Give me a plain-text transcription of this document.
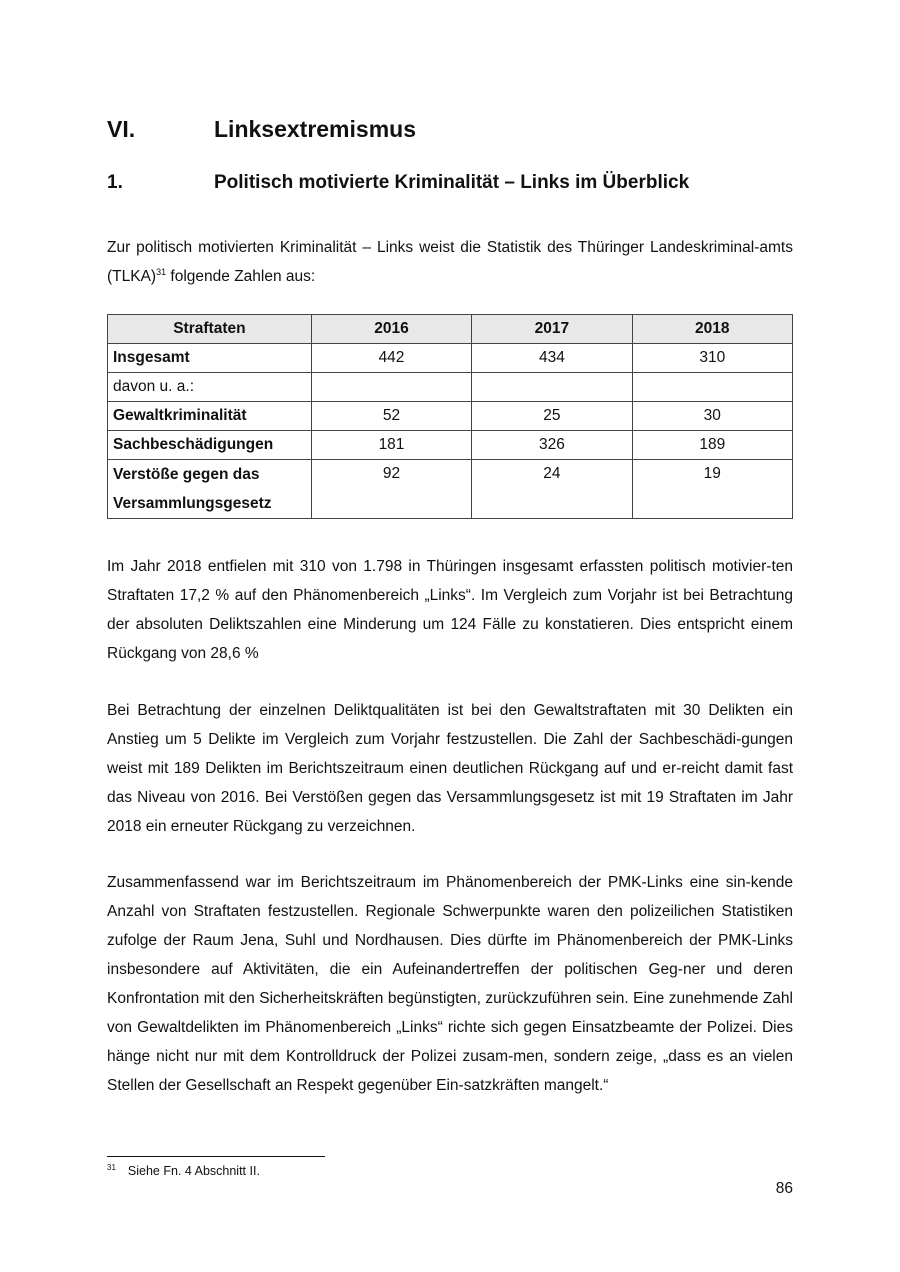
VI.	Linksextremismus
1.	Politisch motivierte Kriminalität – Links im Überblick

Zur politisch motivierten Kriminalität – Links weist die Statistik des Thüringer Landeskriminal-amts (TLKA)$^{31}$ folgende Zahlen aus:

Straftaten	2016	2017	2018
Insgesamt	442	434	310
davon u. a.:			
Gewaltkriminalität	52	25	30
Sachbeschädigungen	181	326	189
Verstöße gegen das Versammlungsgesetz	92	24	19

Im Jahr 2018 entfielen mit 310 von 1.798 in Thüringen insgesamt erfassten politisch motivier-ten Straftaten 17,2 % auf den Phänomenbereich „Links“. Im Vergleich zum Vorjahr ist bei Betrachtung der absoluten Deliktszahlen eine Minderung um 124 Fälle zu konstatieren. Dies entspricht einem Rückgang von 28,6 %

Bei Betrachtung der einzelnen Deliktqualitäten ist bei den Gewaltstraftaten mit 30 Delikten ein Anstieg um 5 Delikte im Vergleich zum Vorjahr festzustellen. Die Zahl der Sachbeschädi-gungen weist mit 189 Delikten im Berichtszeitraum einen deutlichen Rückgang auf und er-reicht damit fast das Niveau von 2016. Bei Verstößen gegen das Versammlungsgesetz ist mit 19 Straftaten im Jahr 2018 ein erneuter Rückgang zu verzeichnen.

Zusammenfassend war im Berichtszeitraum im Phänomenbereich der PMK-Links eine sin-kende Anzahl von Straftaten festzustellen. Regionale Schwerpunkte waren den polizeilichen Statistiken zufolge der Raum Jena, Suhl und Nordhausen. Dies dürfte im Phänomenbereich der PMK-Links insbesondere auf Aktivitäten, die ein Aufeinandertreffen der politischen Geg-ner und deren Konfrontation mit den Sicherheitskräften begünstigten, zurückzuführen sein. Eine zunehmende Zahl von Gewaltdelikten im Phänomenbereich „Links“ richte sich gegen Einsatzbeamte der Polizei. Dies hänge nicht nur mit dem Kontrolldruck der Polizei zusam-men, sondern zeige, „dass es an vielen Stellen der Gesellschaft an Respekt gegenüber Ein-satzkräften mangelt.“

$^{31}$ Siehe Fn. 4 Abschnitt II.
86
